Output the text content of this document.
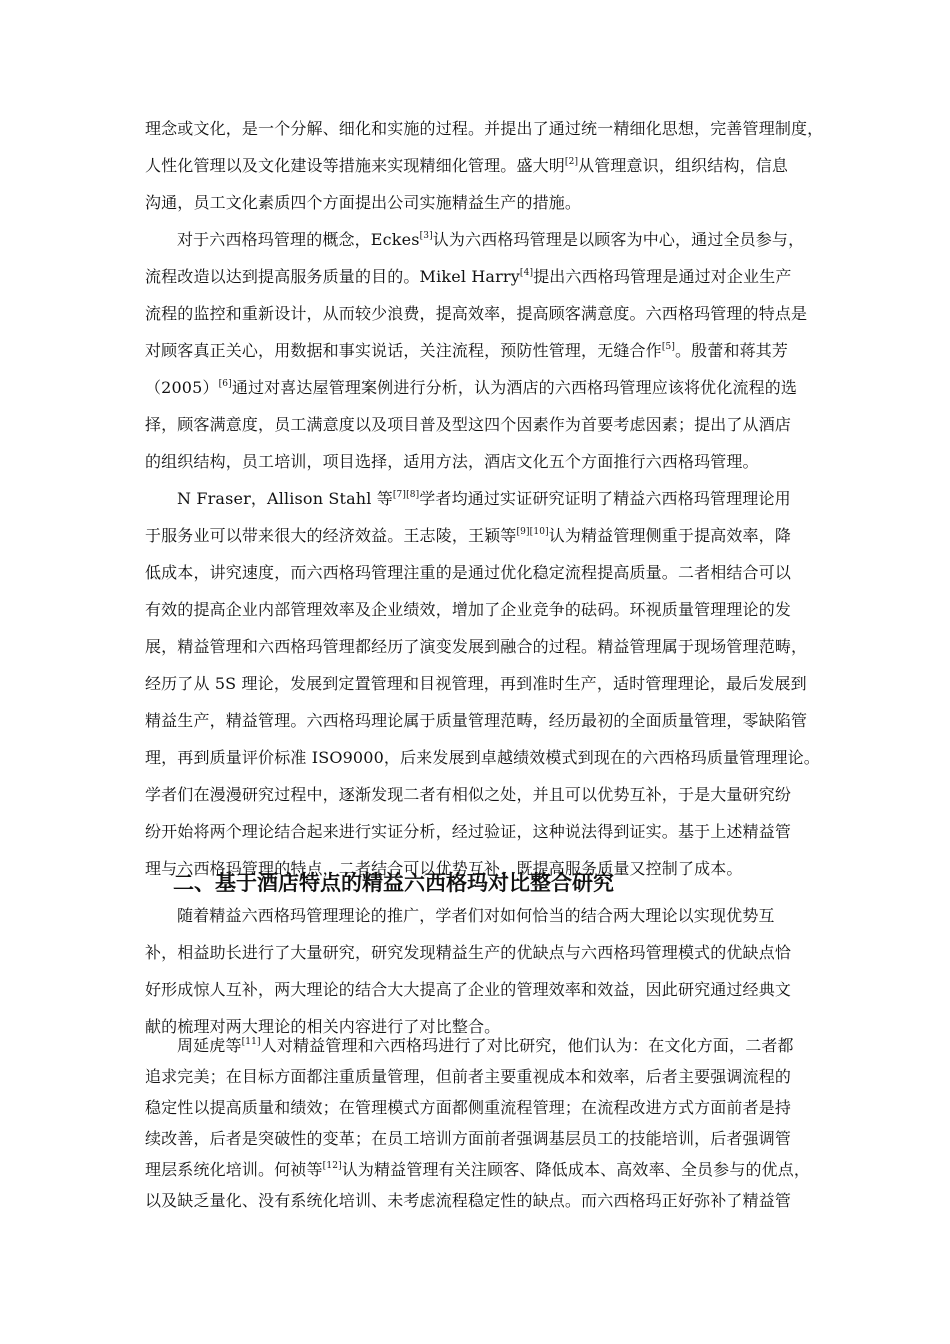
理念或文化，是一个分解、细化和实施的过程。并提出了通过统一精细化思想，完善管理制度，
人性化管理以及文化建设等措施来实现精细化管理。盛大明[2]从管理意识，组织结构，信息
沟通，员工文化素质四个方面提出公司实施精益生产的措施。
对于六西格玛管理的概念，Eckes[3]认为六西格玛管理是以顾客为中心，通过全员参与，
流程改造以达到提高服务质量的目的。Mikel Harry[4]提出六西格玛管理是通过对企业生产
流程的监控和重新设计，从而较少浪费，提高效率，提高顾客满意度。六西格玛管理的特点是
对顾客真正关心，用数据和事实说话，关注流程，预防性管理，无缝合作[5]。殷蕾和蒋其芳
（2005）[6]通过对喜达屋管理案例进行分析，认为酒店的六西格玛管理应该将优化流程的选
择，顾客满意度，员工满意度以及项目普及型这四个因素作为首要考虑因素；提出了从酒店
的组织结构，员工培训，项目选择，适用方法，酒店文化五个方面推行六西格玛管理。
N Fraser，Allison Stahl 等[7][8]学者均通过实证研究证明了精益六西格玛管理理论用
于服务业可以带来很大的经济效益。王志陵，王颖等[9][10]认为精益管理侧重于提高效率，降
低成本，讲究速度，而六西格玛管理注重的是通过优化稳定流程提高质量。二者相结合可以
有效的提高企业内部管理效率及企业绩效，增加了企业竞争的砝码。环视质量管理理论的发
展，精益管理和六西格玛管理都经历了演变发展到融合的过程。精益管理属于现场管理范畴，
经历了从 5S 理论，发展到定置管理和目视管理，再到准时生产，适时管理理论，最后发展到
精益生产，精益管理。六西格玛理论属于质量管理范畴，经历最初的全面质量管理，零缺陷管
理，再到质量评价标准 ISO9000，后来发展到卓越绩效模式到现在的六西格玛质量管理理论。
学者们在漫漫研究过程中，逐渐发现二者有相似之处，并且可以优势互补，于是大量研究纷
纷开始将两个理论结合起来进行实证分析，经过验证，这种说法得到证实。基于上述精益管
理与六西格玛管理的特点，二者结合可以优势互补，既提高服务质量又控制了成本。
二、基于酒店特点的精益六西格玛对比整合研究
随着精益六西格玛管理理论的推广，学者们对如何恰当的结合两大理论以实现优势互
补，相益助长进行了大量研究，研究发现精益生产的优缺点与六西格玛管理模式的优缺点恰
好形成惊人互补，两大理论的结合大大提高了企业的管理效率和效益，因此研究通过经典文
献的梳理对两大理论的相关内容进行了对比整合。
周延虎等[11]人对精益管理和六西格玛进行了对比研究，他们认为：在文化方面，二者都
追求完美；在目标方面都注重质量管理，但前者主要重视成本和效率，后者主要强调流程的
稳定性以提高质量和绩效；在管理模式方面都侧重流程管理；在流程改进方式方面前者是持
续改善，后者是突破性的变革；在员工培训方面前者强调基层员工的技能培训，后者强调管
理层系统化培训。何祯等[12]认为精益管理有关注顾客、降低成本、高效率、全员参与的优点，
以及缺乏量化、没有系统化培训、未考虑流程稳定性的缺点。而六西格玛正好弥补了精益管
